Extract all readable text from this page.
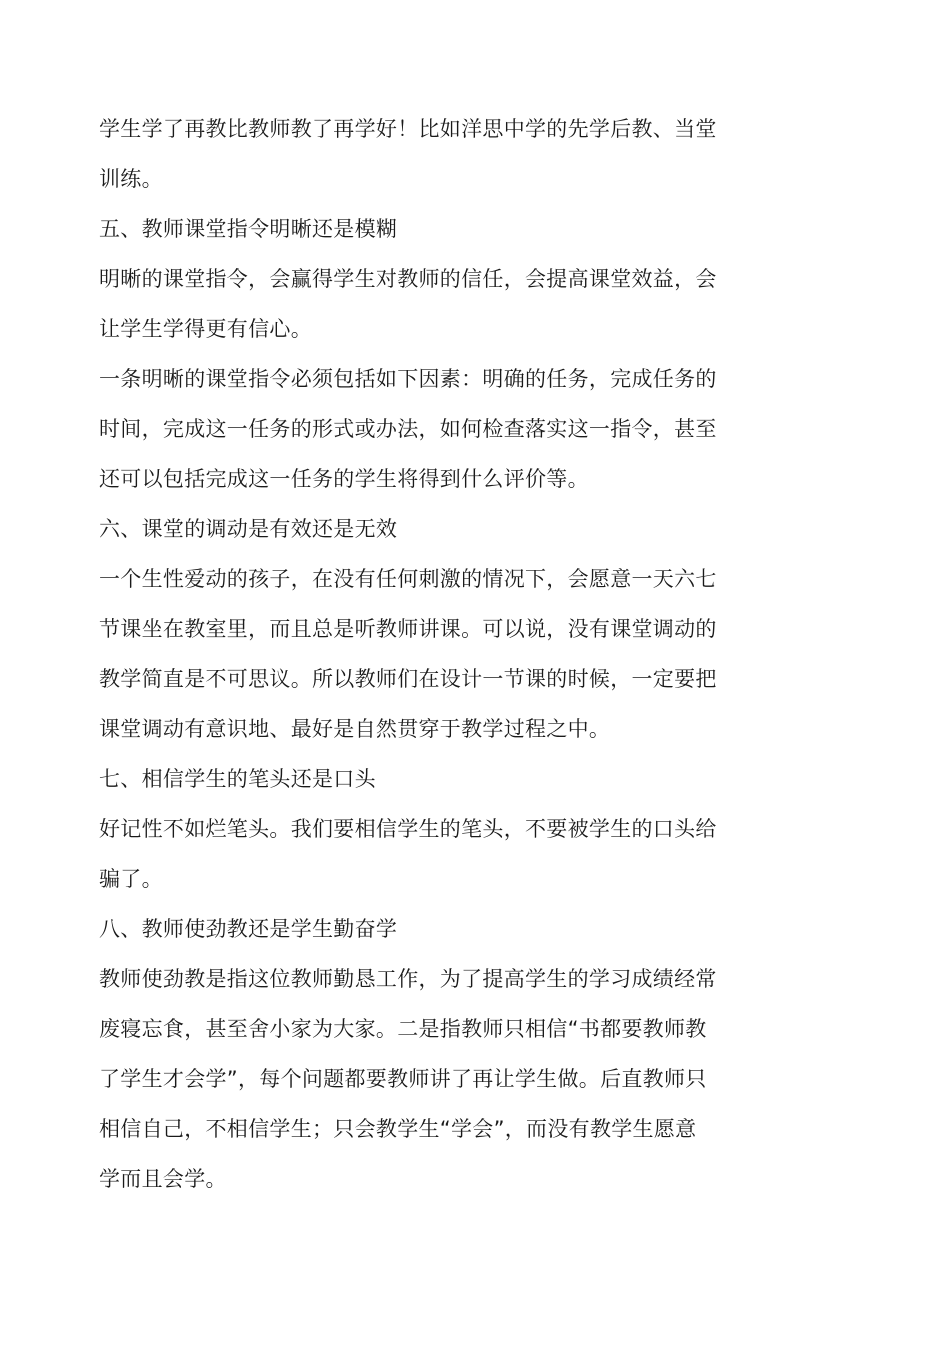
学生学了再教比教师教了再学好！比如洋思中学的先学后教、当堂
训练。
五、教师课堂指令明晰还是模糊
明晰的课堂指令，会赢得学生对教师的信任，会提高课堂效益，会
让学生学得更有信心。
一条明晰的课堂指令必须包括如下因素：明确的任务，完成任务的
时间，完成这一任务的形式或办法，如何检查落实这一指令，甚至
还可以包括完成这一任务的学生将得到什么评价等。
六、课堂的调动是有效还是无效
一个生性爱动的孩子，在没有任何刺激的情况下，会愿意一天六七
节课坐在教室里，而且总是听教师讲课。可以说，没有课堂调动的
教学简直是不可思议。所以教师们在设计一节课的时候，一定要把
课堂调动有意识地、最好是自然贯穿于教学过程之中。
七、相信学生的笔头还是口头
好记性不如烂笔头。我们要相信学生的笔头，不要被学生的口头给
骗了。
八、教师使劲教还是学生勤奋学
教师使劲教是指这位教师勤恳工作，为了提高学生的学习成绩经常
废寝忘食，甚至舍小家为大家。二是指教师只相信“书都要教师教
了学生才会学”，每个问题都要教师讲了再让学生做。后直教师只
相信自己，不相信学生；只会教学生“学会”，而没有教学生愿意
学而且会学。
